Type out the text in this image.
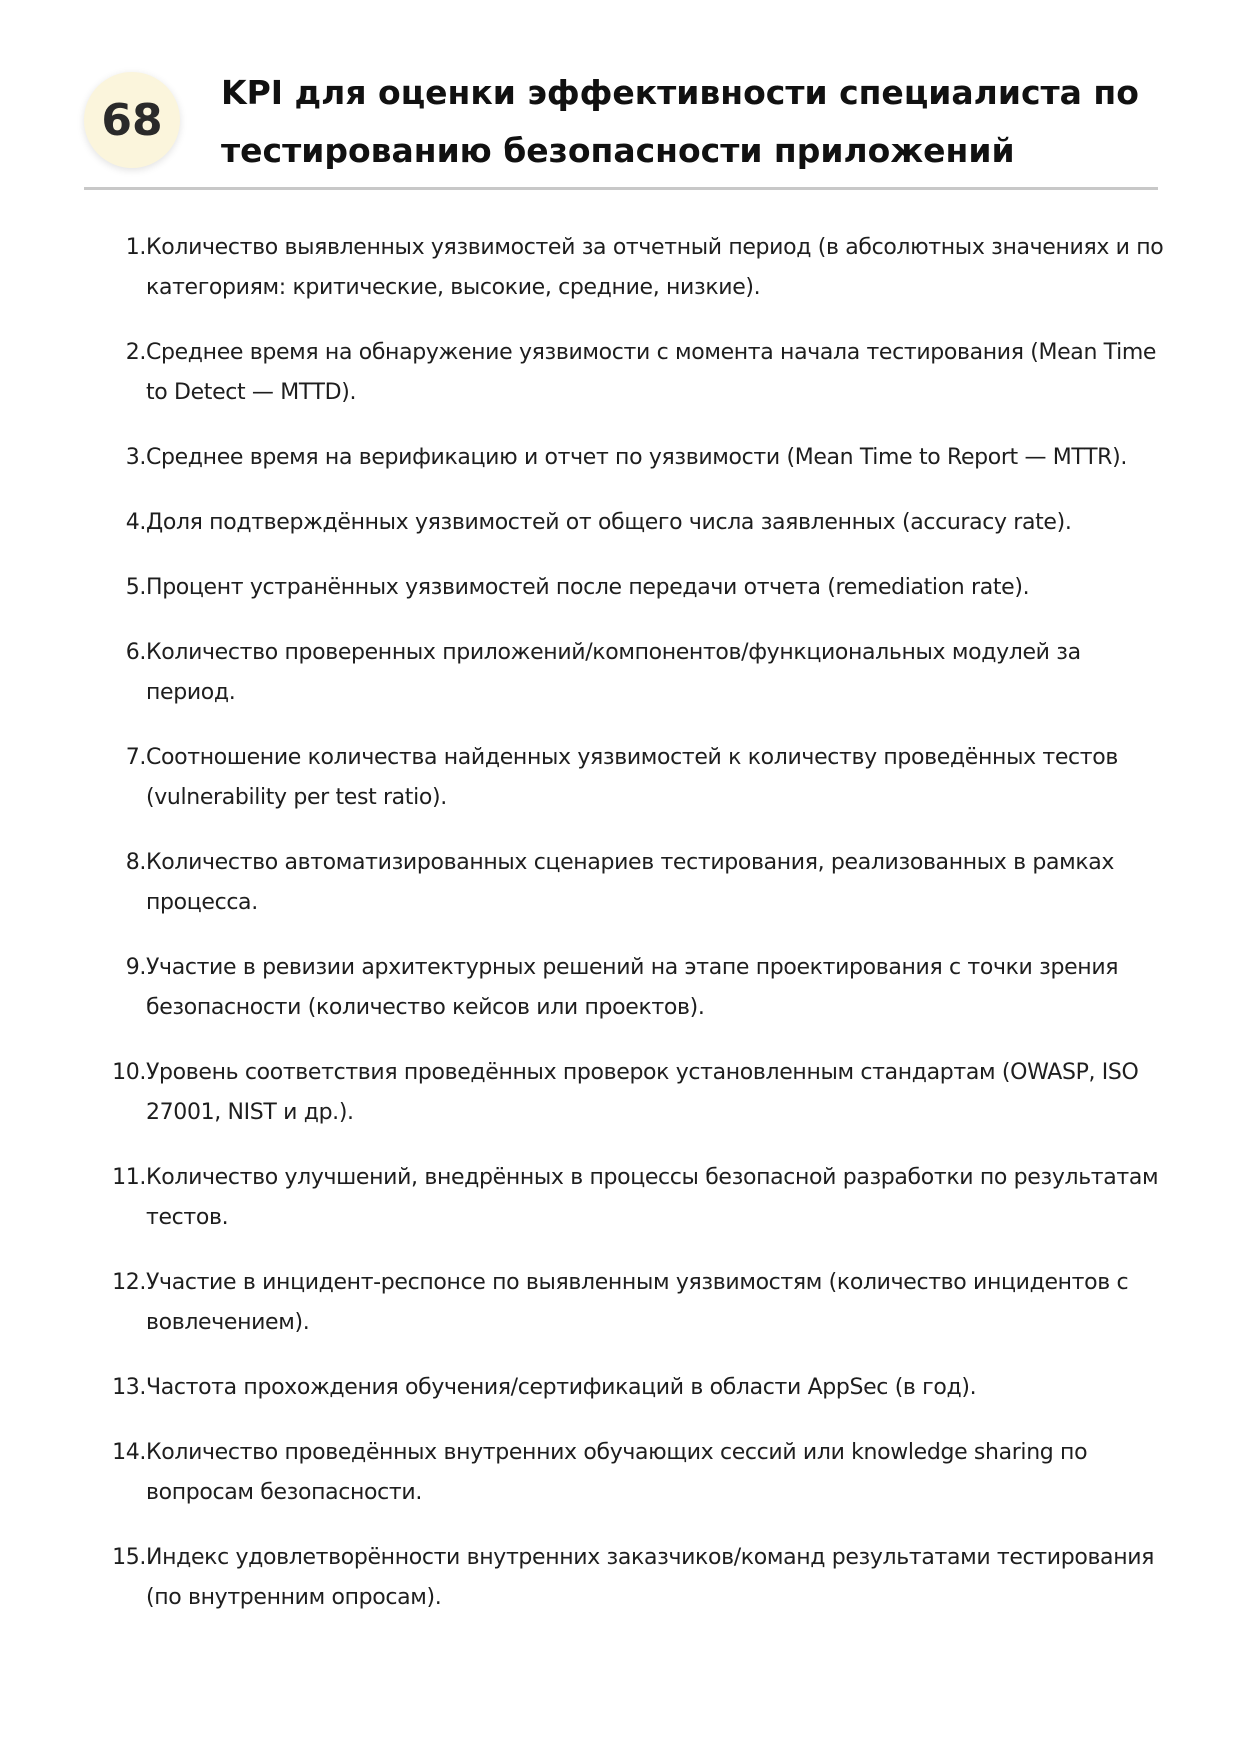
68
KPI для оценки эффективности специалиста по тестированию безопасности приложений
1. Количество выявленных уязвимостей за отчетный период (в абсолютных значениях и по категориям: критические, высокие, средние, низкие).
2. Среднее время на обнаружение уязвимости с момента начала тестирования (Mean Time to Detect — MTTD).
3. Среднее время на верификацию и отчет по уязвимости (Mean Time to Report — MTTR).
4. Доля подтверждённых уязвимостей от общего числа заявленных (accuracy rate).
5. Процент устранённых уязвимостей после передачи отчета (remediation rate).
6. Количество проверенных приложений/компонентов/функциональных модулей за период.
7. Соотношение количества найденных уязвимостей к количеству проведённых тестов (vulnerability per test ratio).
8. Количество автоматизированных сценариев тестирования, реализованных в рамках процесса.
9. Участие в ревизии архитектурных решений на этапе проектирования с точки зрения безопасности (количество кейсов или проектов).
10. Уровень соответствия проведённых проверок установленным стандартам (OWASP, ISO 27001, NIST и др.).
11. Количество улучшений, внедрённых в процессы безопасной разработки по результатам тестов.
12. Участие в инцидент-респонсе по выявленным уязвимостям (количество инцидентов с вовлечением).
13. Частота прохождения обучения/сертификаций в области AppSec (в год).
14. Количество проведённых внутренних обучающих сессий или knowledge sharing по вопросам безопасности.
15. Индекс удовлетворённости внутренних заказчиков/команд результатами тестирования (по внутренним опросам).
